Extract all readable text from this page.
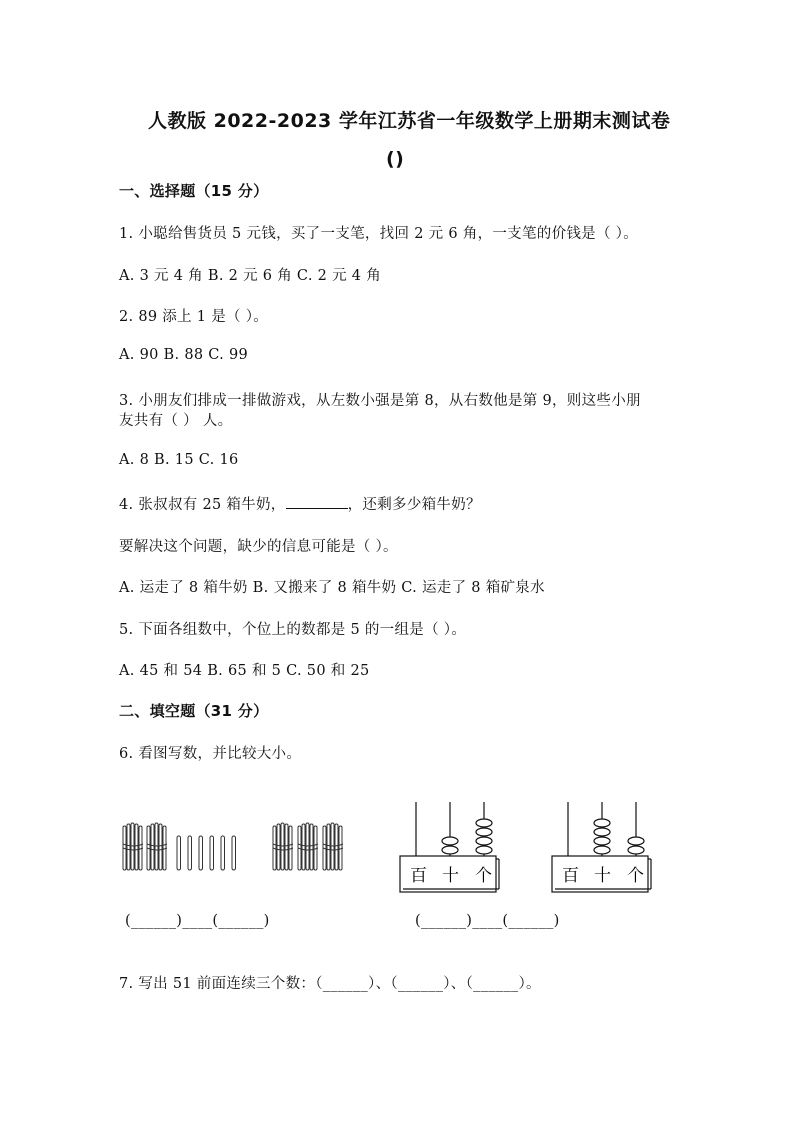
人教版 2022-2023 学年江苏省一年级数学上册期末测试卷
()
一、选择题（15 分）
1. 小聪给售货员 5 元钱，买了一支笔，找回 2 元 6 角，一支笔的价钱是（ ）。
A. 3 元 4 角 B. 2 元 6 角 C. 2 元 4 角
2. 89 添上 1 是（ ）。
A. 90 B. 88 C. 99
3. 小朋友们排成一排做游戏，从左数小强是第 8，从右数他是第 9，则这些小朋
友共有（ ） 人。
A. 8 B. 15 C. 16
4. 张叔叔有 25 箱牛奶，	，还剩多少箱牛奶？
要解决这个问题，缺少的信息可能是（ ）。
A. 运走了 8 箱牛奶 B. 又搬来了 8 箱牛奶 C. 运走了 8 箱矿泉水
5. 下面各组数中，个位上的数都是 5 的一组是（ ）。
A. 45 和 54 B. 65 和 5 C. 50 和 25
二、填空题（31 分）
6. 看图写数，并比较大小。
百 十 个	百 十 个
(______)____(______)	(______)____(______)
7. 写出 51 前面连续三个数：（______）、（______）、（______）。
